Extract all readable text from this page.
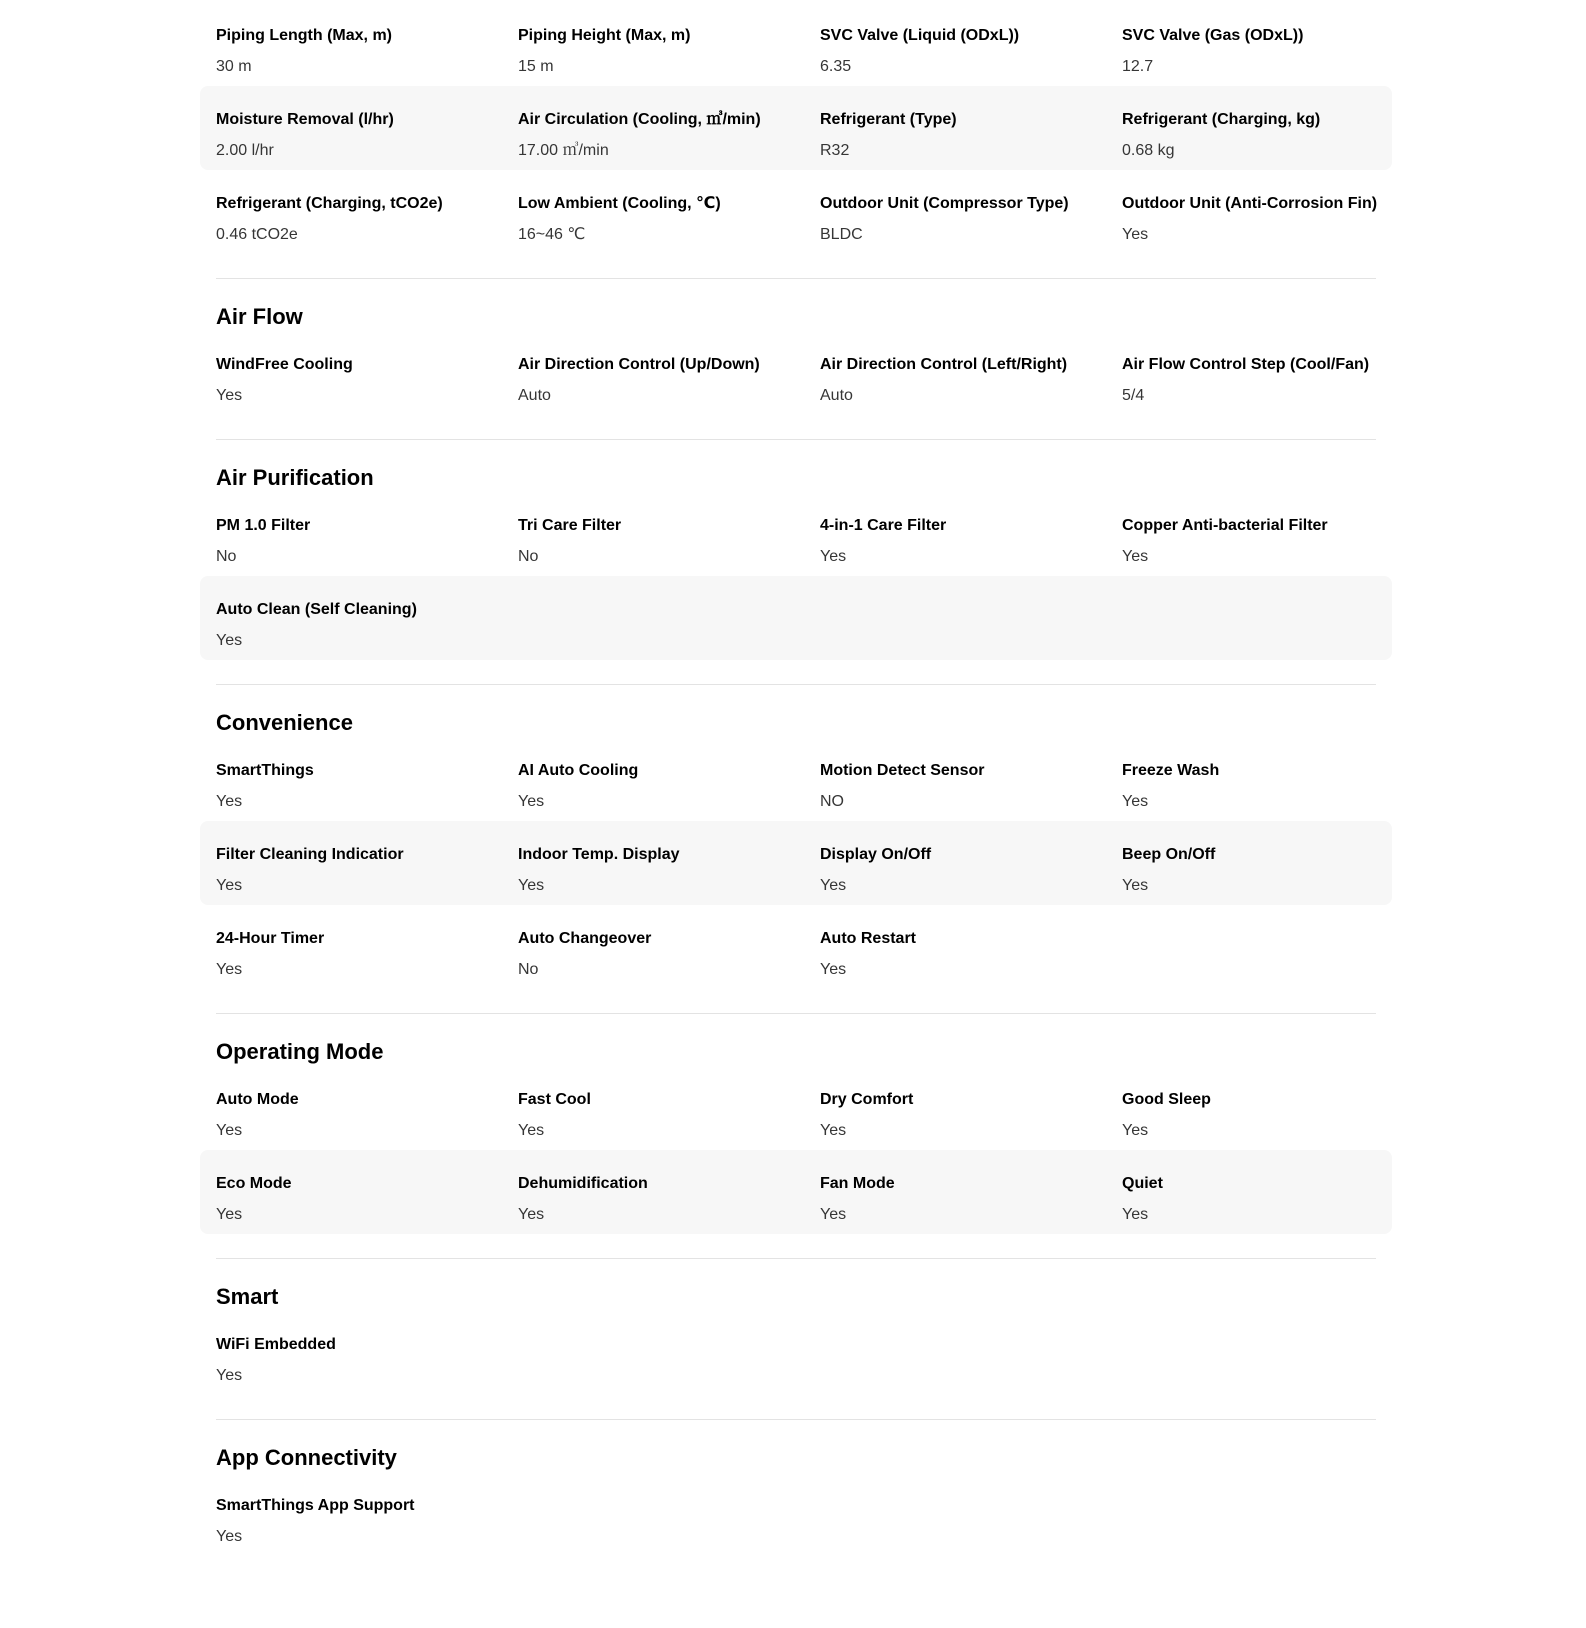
Piping Length (Max, m)
30 m
Piping Height (Max, m)
15 m
SVC Valve (Liquid (ODxL))
6.35
SVC Valve (Gas (ODxL))
12.7
Moisture Removal (l/hr)
2.00 l/hr
Air Circulation (Cooling, ㎥/min)
17.00 ㎥/min
Refrigerant (Type)
R32
Refrigerant (Charging, kg)
0.68 kg
Refrigerant (Charging, tCO2e)
0.46 tCO2e
Low Ambient (Cooling, ℃)
16~46 ℃
Outdoor Unit (Compressor Type)
BLDC
Outdoor Unit (Anti-Corrosion Fin)
Yes
Air Flow
WindFree Cooling
Yes
Air Direction Control (Up/Down)
Auto
Air Direction Control (Left/Right)
Auto
Air Flow Control Step (Cool/Fan)
5/4
Air Purification
PM 1.0 Filter
No
Tri Care Filter
No
4-in-1 Care Filter
Yes
Copper Anti-bacterial Filter
Yes
Auto Clean (Self Cleaning)
Yes
Convenience
SmartThings
Yes
AI Auto Cooling
Yes
Motion Detect Sensor
NO
Freeze Wash
Yes
Filter Cleaning Indicatior
Yes
Indoor Temp. Display
Yes
Display On/Off
Yes
Beep On/Off
Yes
24-Hour Timer
Yes
Auto Changeover
No
Auto Restart
Yes
Operating Mode
Auto Mode
Yes
Fast Cool
Yes
Dry Comfort
Yes
Good Sleep
Yes
Eco Mode
Yes
Dehumidification
Yes
Fan Mode
Yes
Quiet
Yes
Smart
WiFi Embedded
Yes
App Connectivity
SmartThings App Support
Yes
